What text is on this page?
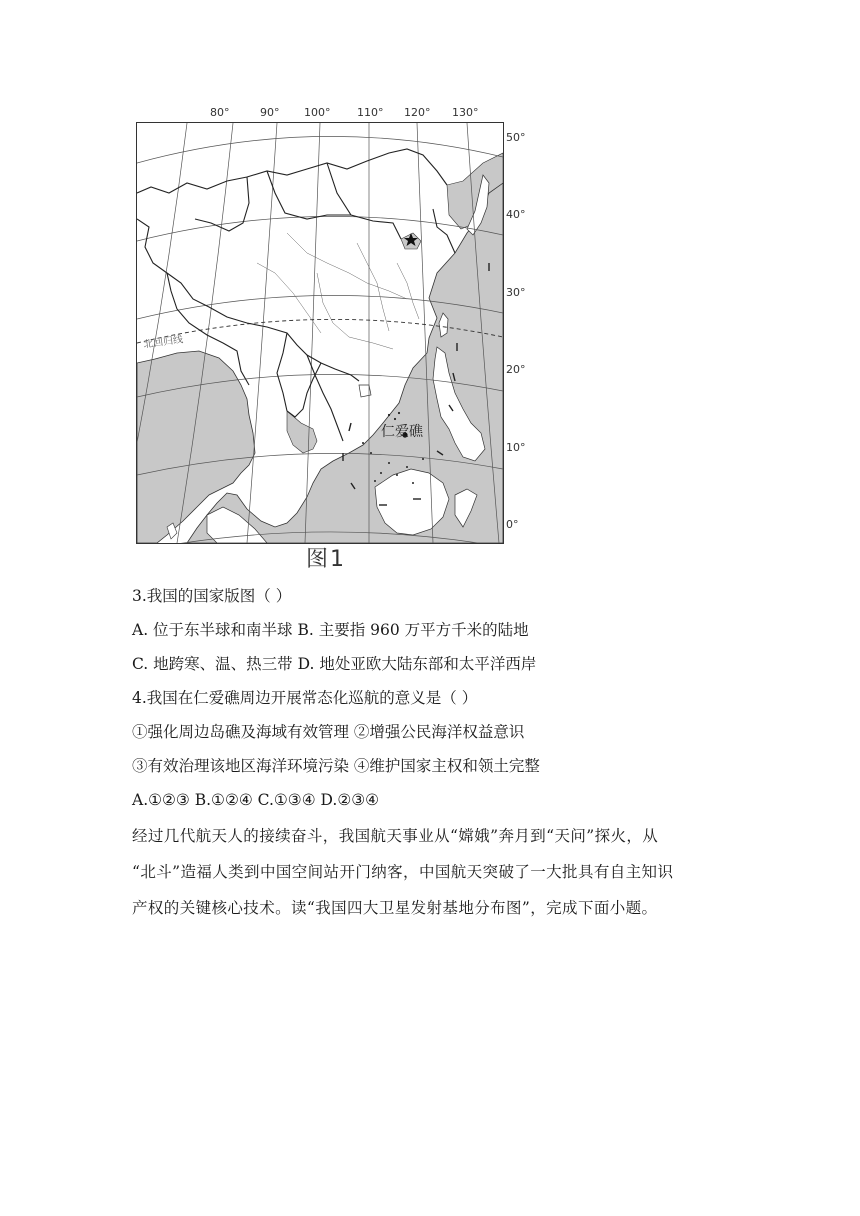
80°	90° 100° 110° 120° 130°
50°
40°
30°
20°
10°
0°
北回归线
仁爱礁
图1
3.我国的国家版图（ ）
A. 位于东半球和南半球 B. 主要指 960 万平方千米的陆地
C. 地跨寒、温、热三带 D. 地处亚欧大陆东部和太平洋西岸
4.我国在仁爱礁周边开展常态化巡航的意义是（ ）
①强化周边岛礁及海域有效管理 ②增强公民海洋权益意识
③有效治理该地区海洋环境污染 ④维护国家主权和领土完整
A.①②③ B.①②④ C.①③④ D.②③④
经过几代航天人的接续奋斗，我国航天事业从“嫦娥”奔月到“天问”探火，从
“北斗”造福人类到中国空间站开门纳客，中国航天突破了一大批具有自主知识
产权的关键核心技术。读“我国四大卫星发射基地分布图”，完成下面小题。
